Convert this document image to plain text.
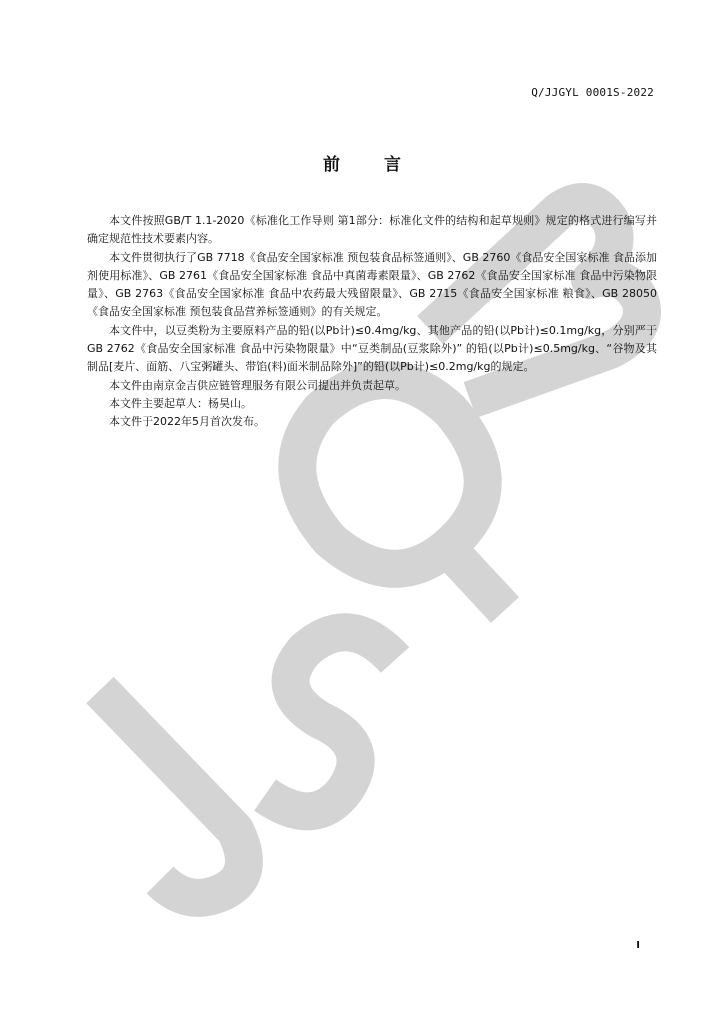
Q/JJGYL 0001S-2022
前	言

本文件按照GB/T 1.1-2020《标准化工作导则 第1部分：标准化文件的结构和起草规则》规定的格式进行编写并确定规范性技术要素内容。

本文件贯彻执行了GB 7718《食品安全国家标准 预包装食品标签通则》、GB 2760《食品安全国家标准 食品添加剂使用标准》、GB 2761《食品安全国家标准 食品中真菌毒素限量》、GB 2762《食品安全国家标准 食品中污染物限量》、GB 2763《食品安全国家标准 食品中农药最大残留限量》、GB 2715《食品安全国家标准 粮食》、GB 28050《食品安全国家标准 预包装食品营养标签通则》的有关规定。

本文件中，以豆类粉为主要原料产品的铅(以Pb计)≤0.4mg/kg、其他产品的铅(以Pb计)≤0.1mg/kg，分别严于GB 2762《食品安全国家标准 食品中污染物限量》中“豆类制品(豆浆除外)” 的铅(以Pb计)≤0.5mg/kg、“谷物及其制品[麦片、面筋、八宝粥罐头、带馅(料)面米制品除外]”的铅(以Pb计)≤0.2mg/kg的规定。

本文件由南京金吉供应链管理服务有限公司提出并负责起草。

本文件主要起草人：杨昊山。

本文件于2022年5月首次发布。

I
